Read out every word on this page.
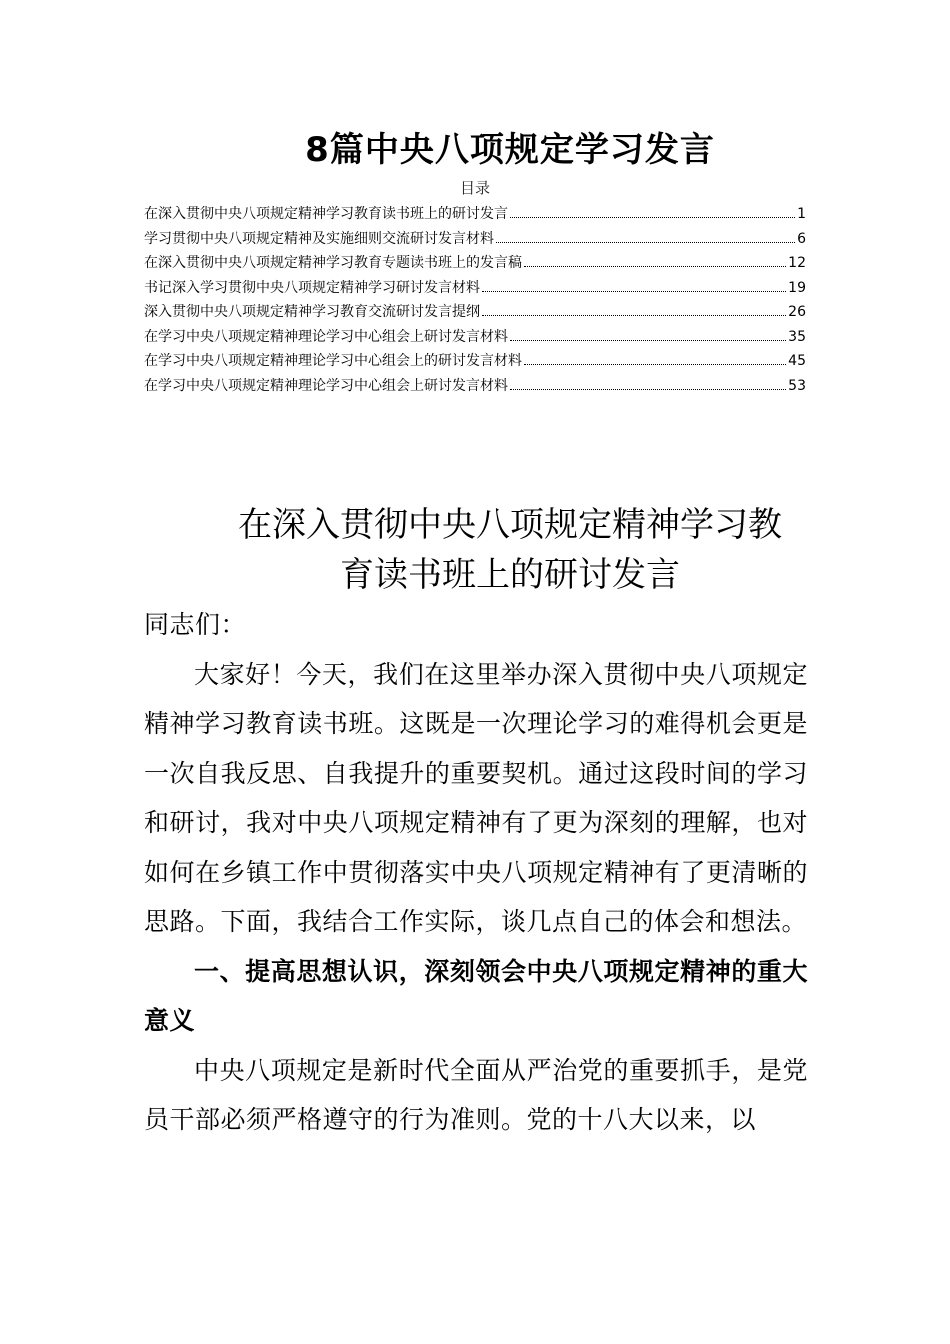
8篇中央八项规定学习发言
目录
在深入贯彻中央八项规定精神学习教育读书班上的研讨发言	1
学习贯彻中央八项规定精神及实施细则交流研讨发言材料	6
在深入贯彻中央八项规定精神学习教育专题读书班上的发言稿	12
书记深入学习贯彻中央八项规定精神学习研讨发言材料	19
深入贯彻中央八项规定精神学习教育交流研讨发言提纲	26
在学习中央八项规定精神理论学习中心组会上研讨发言材料	35
在学习中央八项规定精神理论学习中心组会上的研讨发言材料	45
在学习中央八项规定精神理论学习中心组会上研讨发言材料	53
在深入贯彻中央八项规定精神学习教
育读书班上的研讨发言

同志们：

大家好！今天，我们在这里举办深入贯彻中央八项规定精神学习教育读书班。这既是一次理论学习的难得机会更是一次自我反思、自我提升的重要契机。通过这段时间的学习和研讨，我对中央八项规定精神有了更为深刻的理解，也对如何在乡镇工作中贯彻落实中央八项规定精神有了更清晰的思路。下面，我结合工作实际，谈几点自己的体会和想法。

一、提高思想认识，深刻领会中央八项规定精神的重大意义

中央八项规定是新时代全面从严治党的重要抓手，是党员干部必须严格遵守的行为准则。党的十八大以来，以
